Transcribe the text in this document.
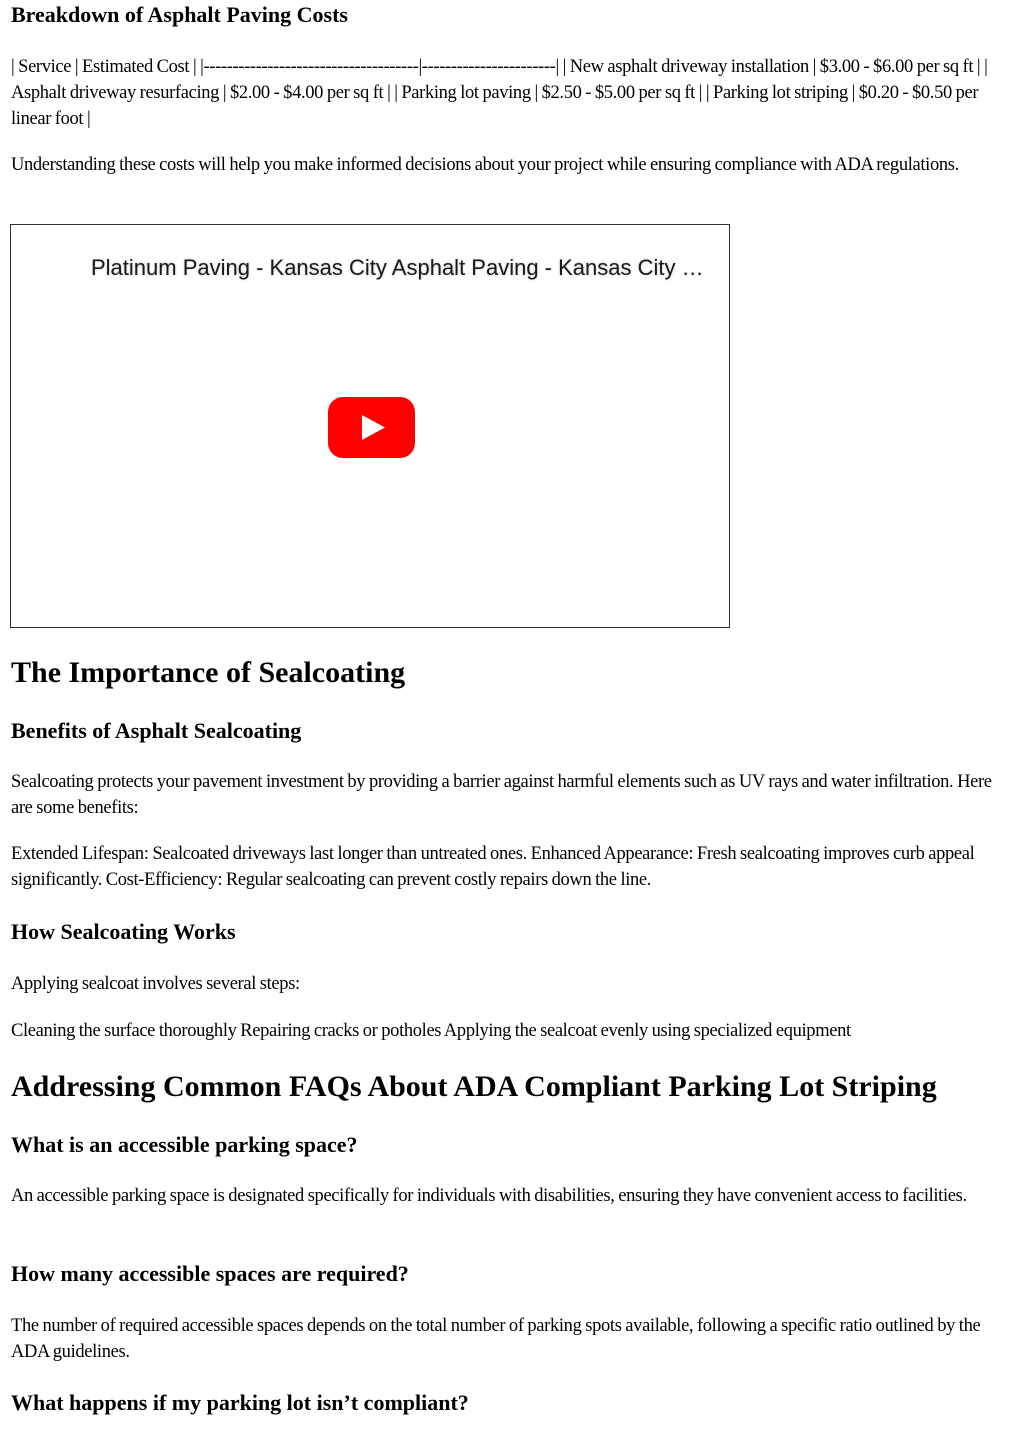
Breakdown of Asphalt Paving Costs

| Service | Estimated Cost | |-------------------------------------|-----------------------| | New asphalt driveway installation | $3.00 - $6.00 per sq ft | | Asphalt driveway resurfacing | $2.00 - $4.00 per sq ft | | Parking lot paving | $2.50 - $5.00 per sq ft | | Parking lot striping | $0.20 - $0.50 per linear foot |

Understanding these costs will help you make informed decisions about your project while ensuring compliance with ADA regulations.

Platinum Paving - Kansas City Asphalt Paving - Kansas City …
The Importance of Sealcoating
Benefits of Asphalt Sealcoating

Sealcoating protects your pavement investment by providing a barrier against harmful elements such as UV rays and water infiltration. Here are some benefits:

Extended Lifespan: Sealcoated driveways last longer than untreated ones. Enhanced Appearance: Fresh sealcoating improves curb appeal significantly. Cost-Efficiency: Regular sealcoating can prevent costly repairs down the line.

How Sealcoating Works

Applying sealcoat involves several steps:

Cleaning the surface thoroughly Repairing cracks or potholes Applying the sealcoat evenly using specialized equipment

Addressing Common FAQs About ADA Compliant Parking Lot Striping
What is an accessible parking space?

An accessible parking space is designated specifically for individuals with disabilities, ensuring they have convenient access to facilities.

How many accessible spaces are required?

The number of required accessible spaces depends on the total number of parking spots available, following a specific ratio outlined by the ADA guidelines.

What happens if my parking lot isn’t compliant?
